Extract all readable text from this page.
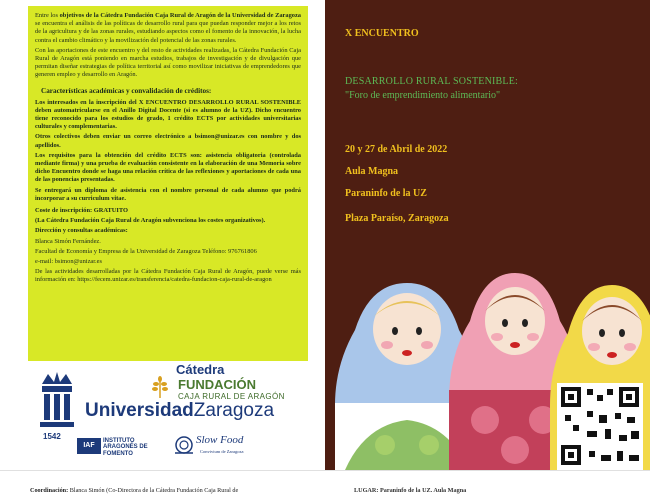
Entre los objetivos de la Cátedra Fundación Caja Rural de Aragón de la Universidad de Zaragoza se encuentra el análisis de las políticas de desarrollo rural para que puedan responder mejor a los retos de la agricultura y de las zonas rurales, estudiando aspectos como el fomento de la innovación, la lucha contra el cambio climático y la movilización del potencial de las zonas rurales.

Con las aportaciones de este encuentro y del resto de actividades realizadas, la Cátedra Fundación Caja Rural de Aragón está poniendo en marcha estudios, trabajos de investigación y de divulgación que permitan diseñar estrategias de política territorial así como movilizar iniciativas de emprendedores que generen empleo y desarrollo en Aragón.

Características académicas y convalidación de créditos:

Los interesados en la inscripción del X ENCUENTRO DESARROLLO RURAL SOSTENIBLE deben automatricularse en el Anillo Digital Docente (si es alumno de la UZ). Dicho encuentro tiene reconocido para los estudios de grado, 1 crédito ECTS por actividades universitarias culturales y complementarias.

Otros colectivos deben enviar un correo electrónico a bsimon@unizar.es con nombre y dos apellidos.

Los requisitos para la obtención del crédito ECTS son: asistencia obligatoria (controlada mediante firma) y una prueba de evaluación consistente en la elaboración de una Memoria sobre dicho Encuentro donde se haga una relación crítica de las reflexiones y aportaciones de cada una de las ponencias presentadas.

Se entregará un diploma de asistencia con el nombre personal de cada alumno que podrá incorporar a su curriculum vitae.

Coste de inscripción: GRATUITO

(La Cátedra Fundación Caja Rural de Aragón subvenciona los costes organizativos).

Dirección y consultas académicas:

Blanca Simón Fernández.

Facultad de Economía y Empresa de la Universidad de Zaragoza Teléfono: 976761806

e-mail: bsimon@unizar.es

De las actividades desarrolladas por la Cátedra Fundación Caja Rural de Aragón, puede verse más información en: https://fecem.unizar.es/transferencia/catedra-fundacion-caja-rural-de-aragon

1542
Cátedra
FUNDACIÓN
CAJA RURAL DE ARAGÓN
UniversidadZaragoza
IAF
INSTITUTO ARAGONÉS DE FOMENTO
Slow Food
Convivium de Zaragoza
X ENCUENTRO
DESARROLLO RURAL SOSTENIBLE:
"Foro de emprendimiento alimentario"
20 y 27 de Abril de 2022
Aula Magna
Paraninfo de la UZ
Plaza Paraíso, Zaragoza
Coordinación: Blanca Simón (Co-Directora de la Cátedra Fundación Caja Rural de	LUGAR: Paraninfo de la UZ. Aula Magna
